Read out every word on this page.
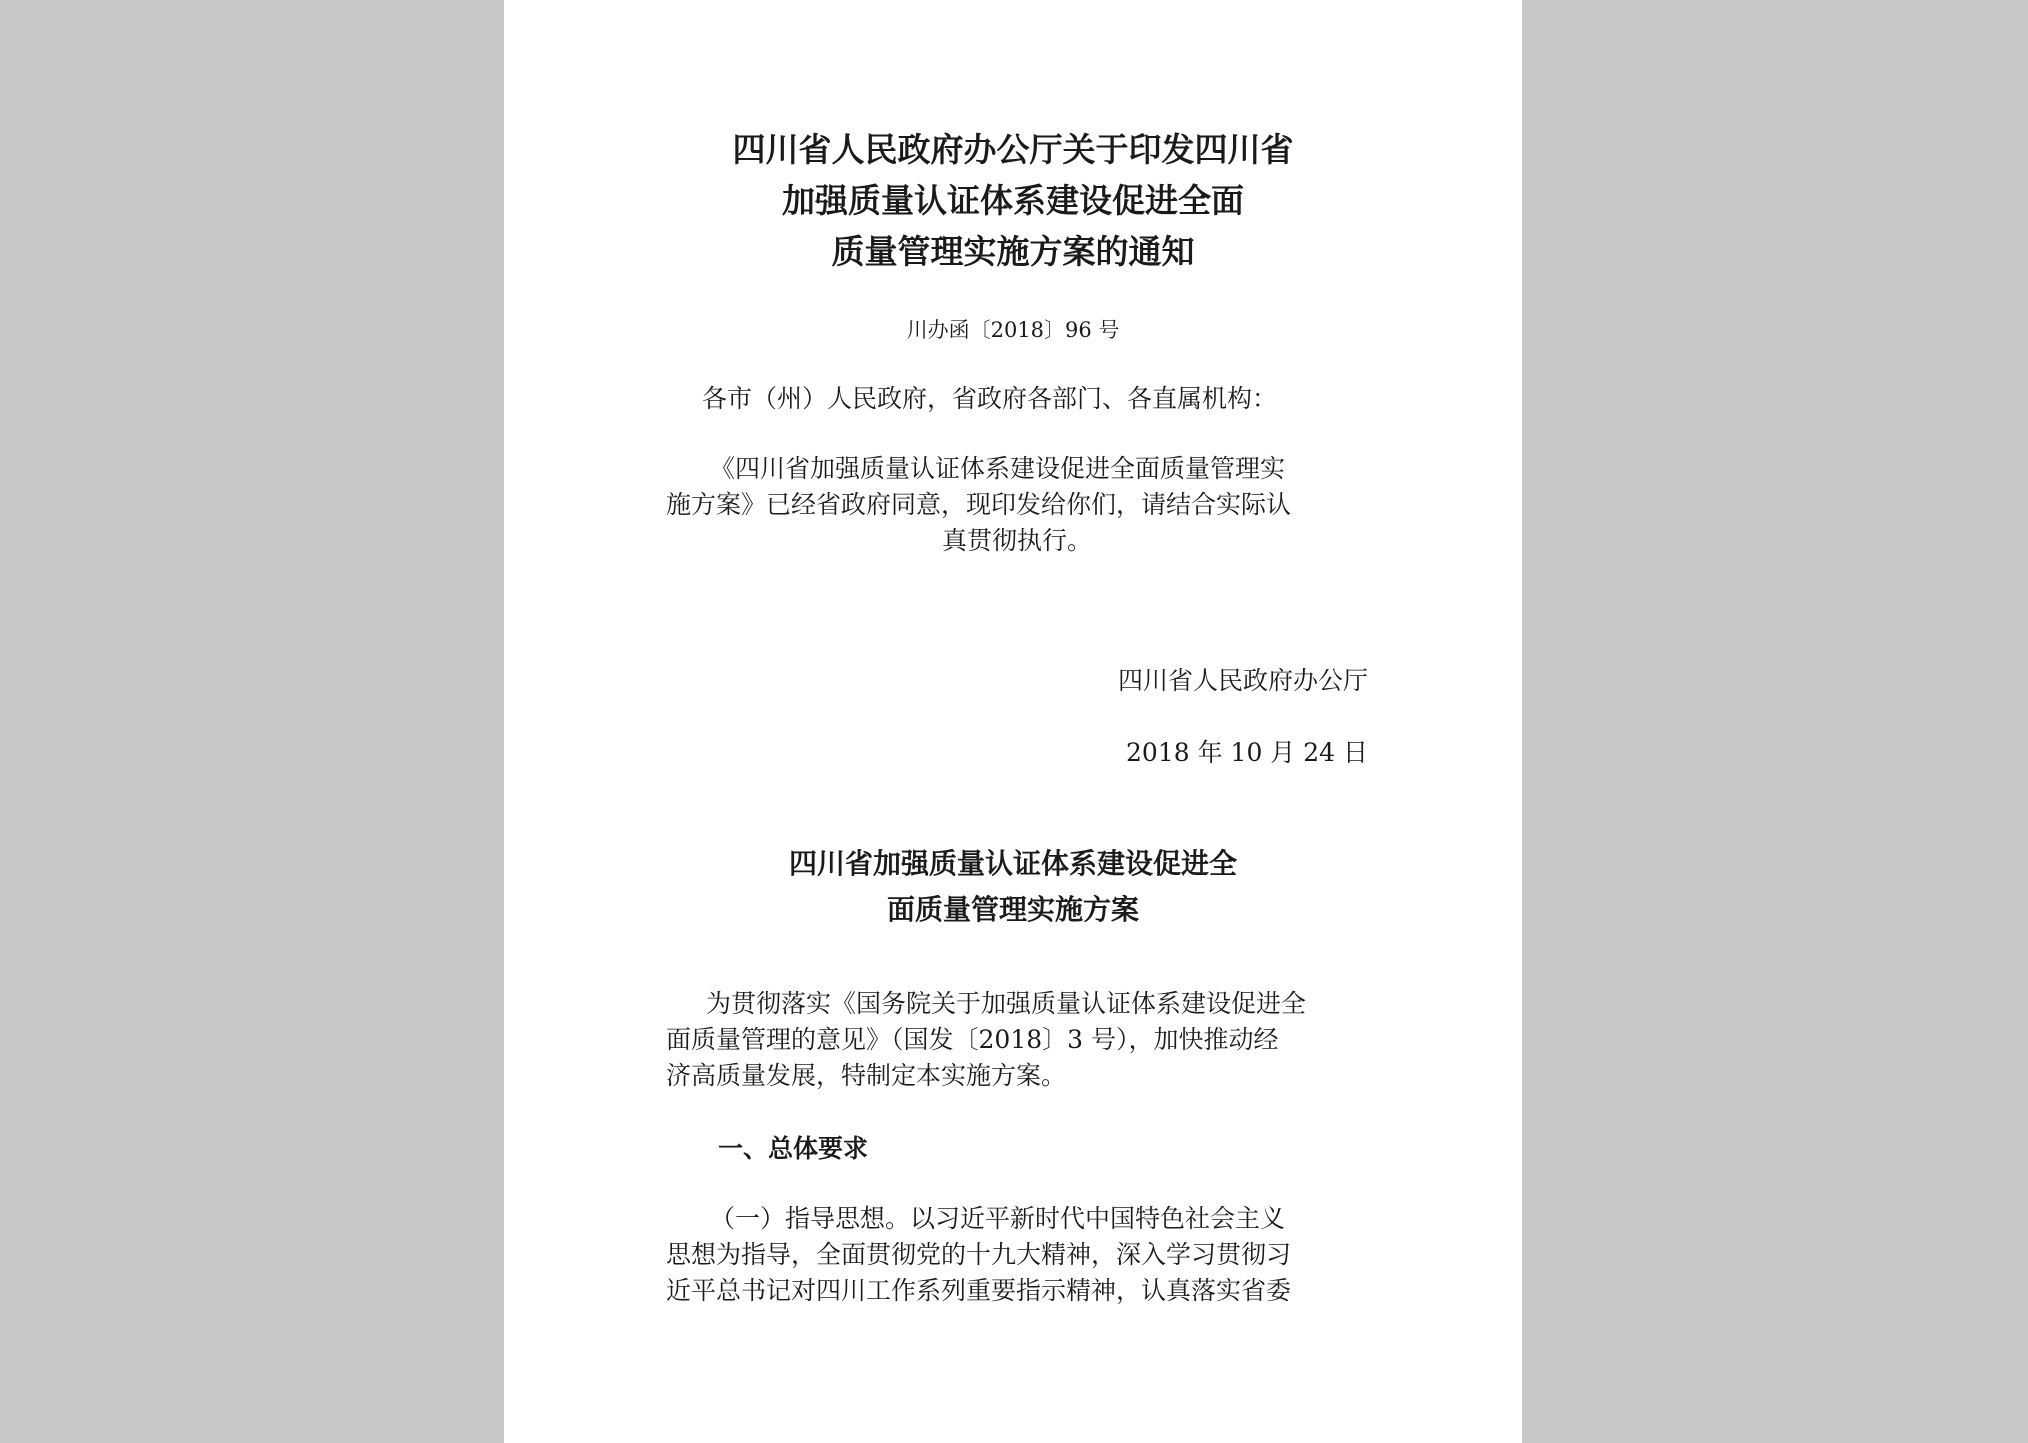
四川省人民政府办公厅关于印发四川省
加强质量认证体系建设促进全面
质量管理实施方案的通知
川办函〔2018〕96 号

各市（州）人民政府，省政府各部门、各直属机构：

《四川省加强质量认证体系建设促进全面质量管理实

施方案》已经省政府同意，现印发给你们，请结合实际认

真贯彻执行。

四川省人民政府办公厅

2018 年 10 月 24 日

四川省加强质量认证体系建设促进全
面质量管理实施方案

为贯彻落实《国务院关于加强质量认证体系建设促进全

面质量管理的意见》（国发〔2018〕3 号），加快推动经

济高质量发展，特制定本实施方案。

一、总体要求

（一）指导思想。以习近平新时代中国特色社会主义

思想为指导，全面贯彻党的十九大精神，深入学习贯彻习

近平总书记对四川工作系列重要指示精神，认真落实省委
